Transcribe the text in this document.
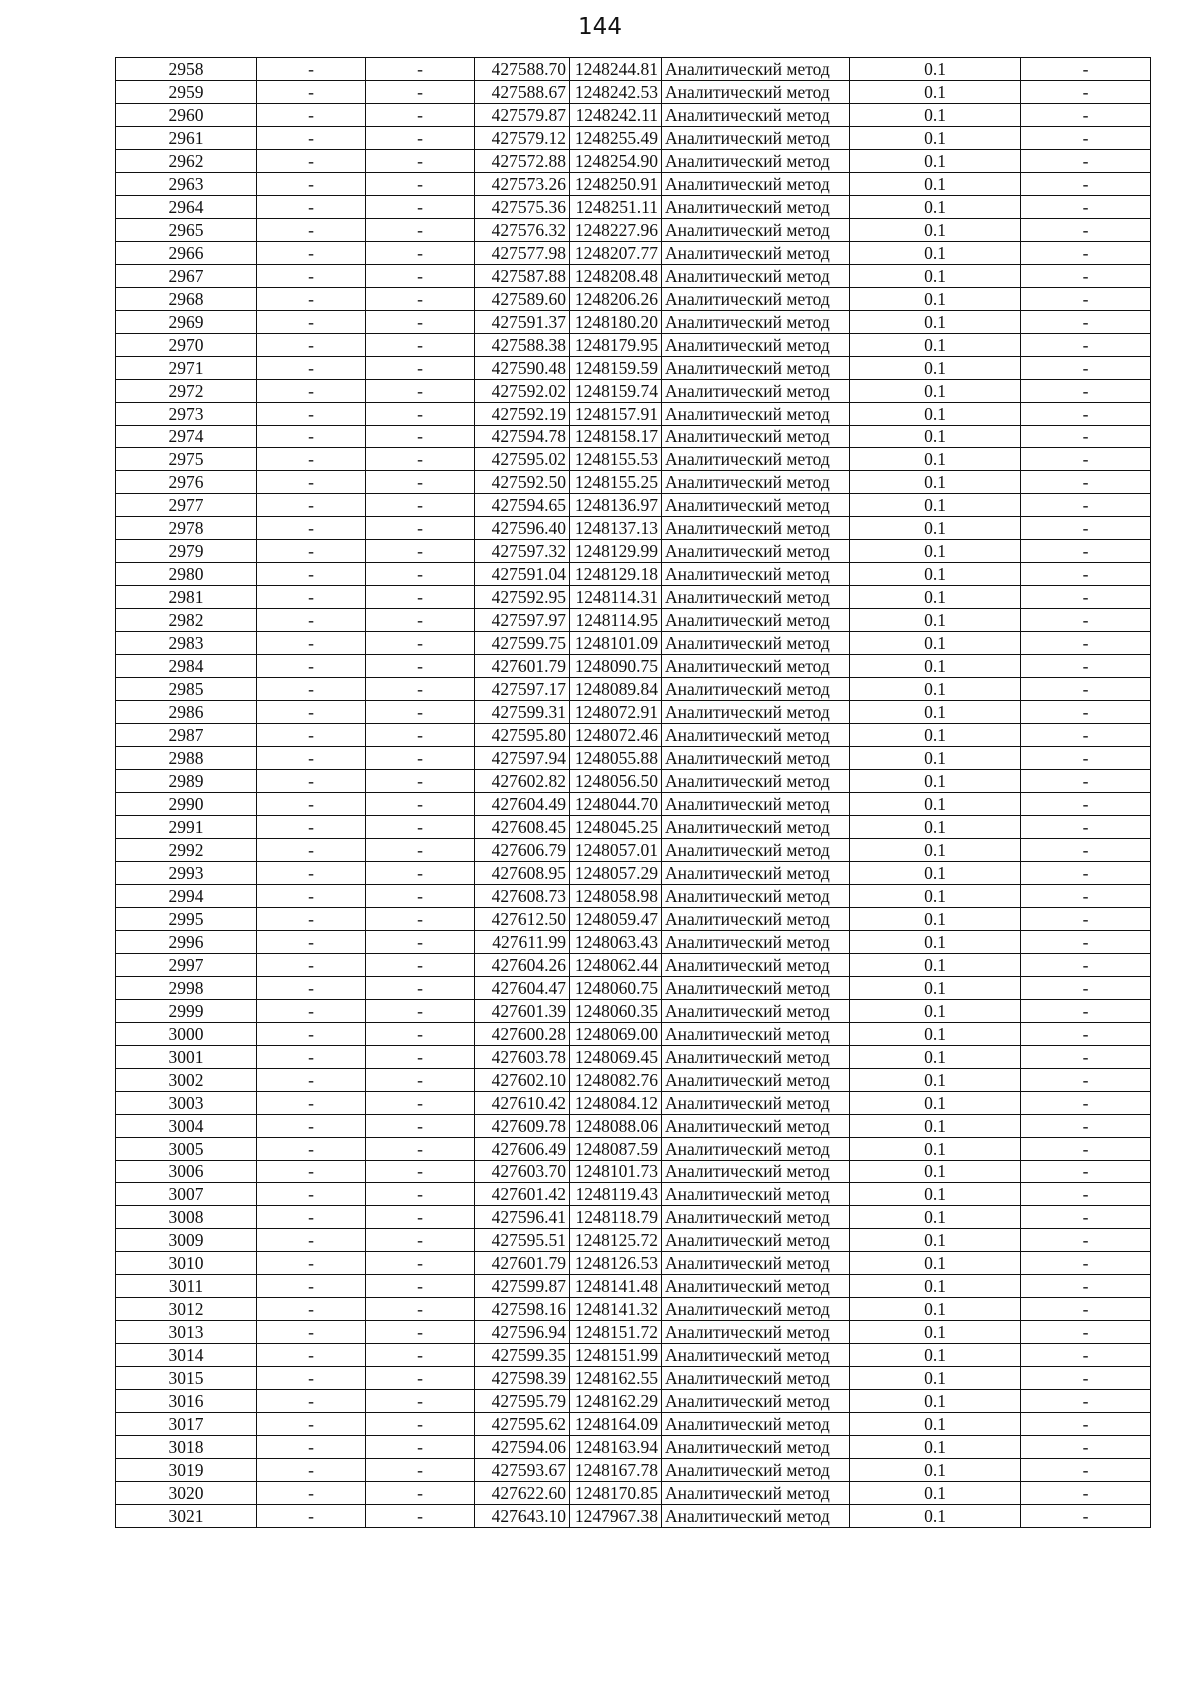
144
2958	-	-	427588.70	1248244.81	Аналитический метод	0.1	-
2959	-	-	427588.67	1248242.53	Аналитический метод	0.1	-
2960	-	-	427579.87	1248242.11	Аналитический метод	0.1	-
2961	-	-	427579.12	1248255.49	Аналитический метод	0.1	-
2962	-	-	427572.88	1248254.90	Аналитический метод	0.1	-
2963	-	-	427573.26	1248250.91	Аналитический метод	0.1	-
2964	-	-	427575.36	1248251.11	Аналитический метод	0.1	-
2965	-	-	427576.32	1248227.96	Аналитический метод	0.1	-
2966	-	-	427577.98	1248207.77	Аналитический метод	0.1	-
2967	-	-	427587.88	1248208.48	Аналитический метод	0.1	-
2968	-	-	427589.60	1248206.26	Аналитический метод	0.1	-
2969	-	-	427591.37	1248180.20	Аналитический метод	0.1	-
2970	-	-	427588.38	1248179.95	Аналитический метод	0.1	-
2971	-	-	427590.48	1248159.59	Аналитический метод	0.1	-
2972	-	-	427592.02	1248159.74	Аналитический метод	0.1	-
2973	-	-	427592.19	1248157.91	Аналитический метод	0.1	-
2974	-	-	427594.78	1248158.17	Аналитический метод	0.1	-
2975	-	-	427595.02	1248155.53	Аналитический метод	0.1	-
2976	-	-	427592.50	1248155.25	Аналитический метод	0.1	-
2977	-	-	427594.65	1248136.97	Аналитический метод	0.1	-
2978	-	-	427596.40	1248137.13	Аналитический метод	0.1	-
2979	-	-	427597.32	1248129.99	Аналитический метод	0.1	-
2980	-	-	427591.04	1248129.18	Аналитический метод	0.1	-
2981	-	-	427592.95	1248114.31	Аналитический метод	0.1	-
2982	-	-	427597.97	1248114.95	Аналитический метод	0.1	-
2983	-	-	427599.75	1248101.09	Аналитический метод	0.1	-
2984	-	-	427601.79	1248090.75	Аналитический метод	0.1	-
2985	-	-	427597.17	1248089.84	Аналитический метод	0.1	-
2986	-	-	427599.31	1248072.91	Аналитический метод	0.1	-
2987	-	-	427595.80	1248072.46	Аналитический метод	0.1	-
2988	-	-	427597.94	1248055.88	Аналитический метод	0.1	-
2989	-	-	427602.82	1248056.50	Аналитический метод	0.1	-
2990	-	-	427604.49	1248044.70	Аналитический метод	0.1	-
2991	-	-	427608.45	1248045.25	Аналитический метод	0.1	-
2992	-	-	427606.79	1248057.01	Аналитический метод	0.1	-
2993	-	-	427608.95	1248057.29	Аналитический метод	0.1	-
2994	-	-	427608.73	1248058.98	Аналитический метод	0.1	-
2995	-	-	427612.50	1248059.47	Аналитический метод	0.1	-
2996	-	-	427611.99	1248063.43	Аналитический метод	0.1	-
2997	-	-	427604.26	1248062.44	Аналитический метод	0.1	-
2998	-	-	427604.47	1248060.75	Аналитический метод	0.1	-
2999	-	-	427601.39	1248060.35	Аналитический метод	0.1	-
3000	-	-	427600.28	1248069.00	Аналитический метод	0.1	-
3001	-	-	427603.78	1248069.45	Аналитический метод	0.1	-
3002	-	-	427602.10	1248082.76	Аналитический метод	0.1	-
3003	-	-	427610.42	1248084.12	Аналитический метод	0.1	-
3004	-	-	427609.78	1248088.06	Аналитический метод	0.1	-
3005	-	-	427606.49	1248087.59	Аналитический метод	0.1	-
3006	-	-	427603.70	1248101.73	Аналитический метод	0.1	-
3007	-	-	427601.42	1248119.43	Аналитический метод	0.1	-
3008	-	-	427596.41	1248118.79	Аналитический метод	0.1	-
3009	-	-	427595.51	1248125.72	Аналитический метод	0.1	-
3010	-	-	427601.79	1248126.53	Аналитический метод	0.1	-
3011	-	-	427599.87	1248141.48	Аналитический метод	0.1	-
3012	-	-	427598.16	1248141.32	Аналитический метод	0.1	-
3013	-	-	427596.94	1248151.72	Аналитический метод	0.1	-
3014	-	-	427599.35	1248151.99	Аналитический метод	0.1	-
3015	-	-	427598.39	1248162.55	Аналитический метод	0.1	-
3016	-	-	427595.79	1248162.29	Аналитический метод	0.1	-
3017	-	-	427595.62	1248164.09	Аналитический метод	0.1	-
3018	-	-	427594.06	1248163.94	Аналитический метод	0.1	-
3019	-	-	427593.67	1248167.78	Аналитический метод	0.1	-
3020	-	-	427622.60	1248170.85	Аналитический метод	0.1	-
3021	-	-	427643.10	1247967.38	Аналитический метод	0.1	-
